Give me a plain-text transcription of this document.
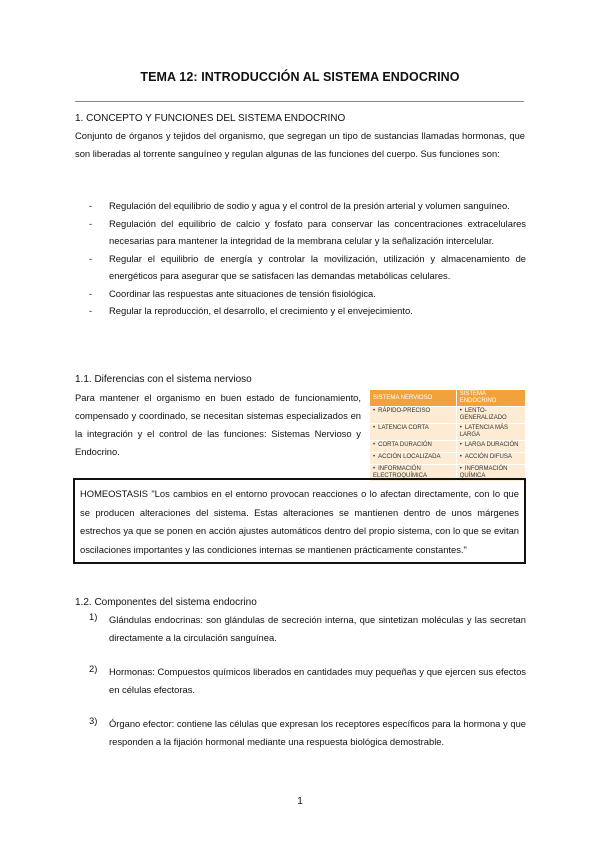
TEMA 12: INTRODUCCIÓN AL SISTEMA ENDOCRINO
1. CONCEPTO Y FUNCIONES DEL SISTEMA ENDOCRINO

Conjunto de órganos y tejidos del organismo, que segregan un tipo de sustancias llamadas hormonas, que son liberadas al torrente sanguíneo y regulan algunas de las funciones del cuerpo. Sus funciones son:

- Regulación del equilibrio de sodio y agua y el control de la presión arterial y volumen sanguíneo.
- Regulación del equilibrio de calcio y fosfato para conservar las concentraciones extracelulares necesarias para mantener la integridad de la membrana celular y la señalización intercelular.
- Regular el equilibrio de energía y controlar la movilización, utilización y almacenamiento de energéticos para asegurar que se satisfacen las demandas metabólicas celulares.
- Coordinar las respuestas ante situaciones de tensión fisiológica.
- Regular la reproducción, el desarrollo, el crecimiento y el envejecimiento.
1.1. Diferencias con el sistema nervioso

Para mantener el organismo en buen estado de funcionamiento, compensado y coordinado, se necesitan sistemas especializados en la integración y el control de las funciones: Sistemas Nervioso y Endocrino.

SISTEMA NERVIOSO	SISTEMA ENDOCRINO
• RÁPIDO-PRECISO	• LENTO- GENERALIZADO
• LATENCIA CORTA	• LATENCIA MÁS LARGA
• CORTA DURACIÓN	• LARGA DURACIÓN
• ACCIÓN LOCALIZADA	• ACCIÓN DIFUSA
• INFORMACIÓN ELECTROQUÍMICA	• INFORMACIÓN QUÍMICA
HOMEOSTASIS "Los cambios en el entorno provocan reacciones o lo afectan directamente, con lo que se producen alteraciones del sistema. Estas alteraciones se mantienen dentro de unos márgenes estrechos ya que se ponen en acción ajustes automáticos dentro del propio sistema, con lo que se evitan oscilaciones importantes y las condiciones internas se mantienen prácticamente constantes."
1.2. Componentes del sistema endocrino
1)	Glándulas endocrinas: son glándulas de secreción interna, que sintetizan moléculas y las secretan directamente a la circulación sanguínea.
2)	Hormonas: Compuestos químicos liberados en cantidades muy pequeñas y que ejercen sus efectos en células efectoras.
3)	Órgano efector: contiene las células que expresan los receptores específicos para la hormona y que responden a la fijación hormonal mediante una respuesta biológica demostrable.
1
